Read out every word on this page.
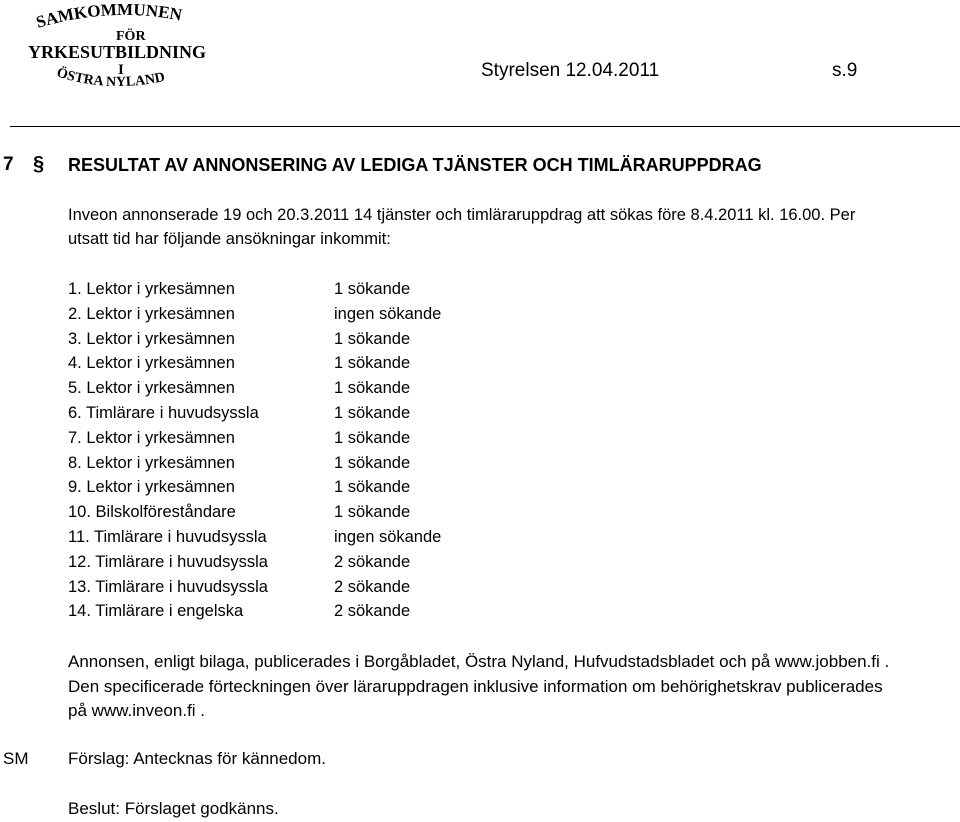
SAMKOMMUNEN
FÖR
YRKESUTBILDNING
I
ÖSTRA NYLAND	Styrelsen 12.04.2011	s.9
7 § RESULTAT AV ANNONSERING AV LEDIGA TJÄNSTER OCH TIMLÄRARUPPDRAG
Inveon annonserade 19 och 20.3.2011 14 tjänster och timläraruppdrag att sökas före 8.4.2011 kl. 16.00. Per utsatt tid har följande ansökningar inkommit:
1. Lektor i yrkesämnen	1 sökande
2. Lektor i yrkesämnen	ingen sökande
3. Lektor i yrkesämnen	1 sökande
4. Lektor i yrkesämnen	1 sökande
5. Lektor i yrkesämnen	1 sökande
6. Timlärare i huvudsyssla	1 sökande
7. Lektor i yrkesämnen	1 sökande
8. Lektor i yrkesämnen	1 sökande
9. Lektor i yrkesämnen	1 sökande
10. Bilskolföreståndare	1 sökande
11. Timlärare i huvudsyssla	ingen sökande
12. Timlärare i huvudsyssla	2 sökande
13. Timlärare i huvudsyssla	2 sökande
14. Timlärare i engelska	2 sökande
Annonsen, enligt bilaga, publicerades i Borgåbladet, Östra Nyland, Hufvudstadsbladet och på www.jobben.fi . Den specificerade förteckningen över läraruppdragen inklusive information om behörighetskrav publicerades på www.inveon.fi .
SM Förslag: Antecknas för kännedom.
Beslut: Förslaget godkänns.
